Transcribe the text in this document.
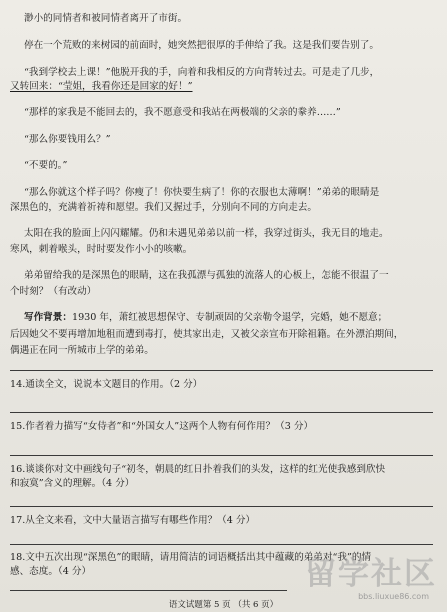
渺小的同情者和被同情者离开了市街。
停在一个荒败的来树园的前面时，她突然把很厚的手伸给了我。这是我们要告别了。
“我到学校去上课！”他脱开我的手，向着和我相反的方向背转过去。可是走了几步，
又转回来：“莹姐，我看你还是回家的好！”
“那样的家我是不能回去的，我不愿意受和我站在两极端的父亲的豢养……”
“那么你要钱用么？”
“不要的。”
“那么你就这个样子吗？你瘦了！你快要生病了！你的衣服也太薄啊！”弟弟的眼睛是
深黑色的，充满着祈祷和愿望。我们又握过手，分别向不同的方向走去。
太阳在我的脸面上闪闪耀耀。仍和未遇见弟弟以前一样，我穿过街头，我无目的地走。
寒风，刺着喉头，时时要发作小小的咳嗽。
弟弟留给我的是深黑色的眼睛，这在我孤漂与孤独的流落人的心板上，怎能不很温了一
个时刻？（有改动）
写作背景：1930 年，萧红被思想保守、专制顽固的父亲勒令退学，完婚，她不愿意；
后因她父不要再增加地租而遭到毒打，使其家出走，又被父亲宣布开除祖籍。在外漂泊期间，
偶遇正在同一所城市上学的弟弟。
14.通读全文，说说本文题目的作用。（2 分）
15.作者着力描写“女侍者”和“外国女人”这两个人物有何作用？（3 分）
16.谈谈你对文中画线句子“初冬，朝晨的红日扑着我们的头发，这样的红光使我感到欣快
和寂寞”含义的理解。（4 分）
17.从全文来看，文中大量语言描写有哪些作用？（4 分）
18.文中五次出现“深黑色”的眼睛，请用简洁的词语概括出其中蕴藏的弟弟对“我”的情
感、态度。（4 分）
语文试题第 5 页 （共 6 页）
留学社区
bbs.liuxue86.com
